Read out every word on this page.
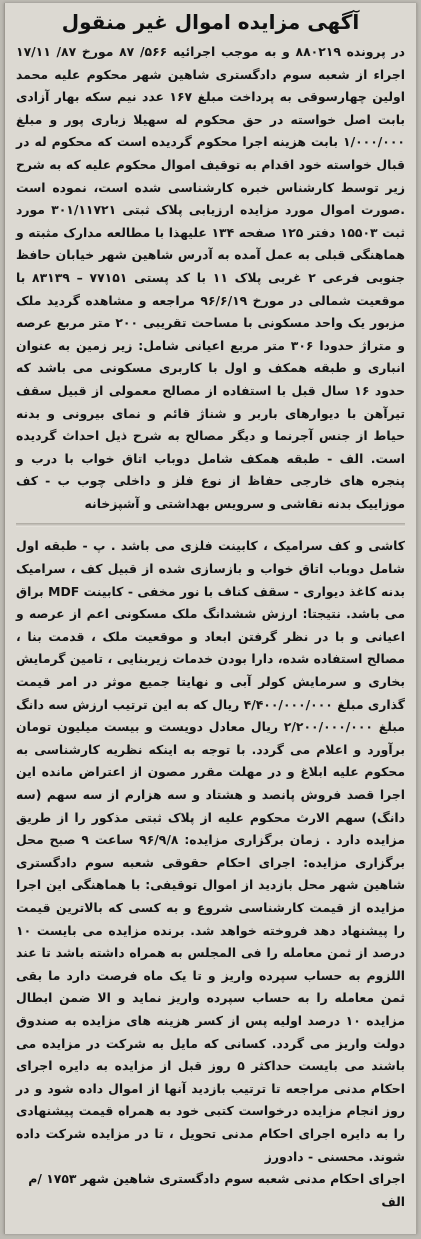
آگهی مزایده اموال غیر منقول

در پرونده ۸۸۰۲۱۹ و به موجب اجرائیه ۵۶۶/ ۸۷ مورخ ۸۷/ ۱۷/۱۱ اجراء از شعبه سوم دادگستری شاهین شهر محکوم علیه محمد اولین چهارسوقی به پرداخت مبلغ ۱۶۷ عدد نیم سکه بهار آزادی بابت اصل خواسته در حق محکوم له سهیلا زباری پور و مبلغ ۱/۰۰۰/۰۰۰ بابت هزینه اجرا محکوم گردیده است که محکوم له در قبال خواسته خود اقدام به توقیف اموال محکوم علیه که به شرح زیر توسط کارشناس خبره کارشناسی شده است، نموده است .صورت اموال مورد مزایده ارزیابی پلاک ثبتی ۳۰۱/۱۱۷۲۱ مورد ثبت ۱۵۵۰۳ دفتر ۱۲۵ صفحه ۱۳۴ علیهذا با مطالعه مدارک مثبته و هماهنگی قبلی به عمل آمده به آدرس شاهین شهر خیابان حافظ جنوبی فرعی ۲ غربی پلاک ۱۱ با کد پستی ۷۷۱۵۱ – ۸۳۱۳۹ با موقعیت شمالی در مورخ ۹۶/۶/۱۹ مراجعه و مشاهده گردید ملک مزبور یک واحد مسکونی با مساحت تقریبی ۲۰۰ متر مربع عرصه و متراژ حدودا ۳۰۶ متر مربع اعیانی شامل: زیر زمین به عنوان انباری و طبقه همکف و اول با کاربری مسکونی می باشد که حدود ۱۶ سال قبل با استفاده از مصالح معمولی از قبیل سقف تیرآهن با دیوارهای باربر و شناژ قائم و نمای بیرونی و بدنه حیاط از جنس آجرنما و دیگر مصالح به شرح ذیل احداث گردیده است. الف - طبقه همکف شامل دوباب اتاق خواب با درب و پنجره های خارجی حفاظ از نوع فلز و داخلی چوب ب - کف موزاییک بدنه نقاشی و سرویس بهداشتی و آشپزخانه

کاشی و کف سرامیک ، کابینت فلزی می باشد . پ - طبقه اول شامل دوباب اتاق خواب و بازسازی شده از قبیل کف ، سرامیک بدنه کاغذ دیواری - سقف کناف با نور مخفی - کابینت MDF براق می باشد. نتیجتا: ارزش ششدانگ ملک مسکونی اعم از عرصه و اعیانی و با در نظر گرفتن ابعاد و موقعیت ملک ، قدمت بنا ، مصالح استفاده شده، دارا بودن خدمات زیربنایی ، تامین گرمایش بخاری و سرمایش کولر آبی و نهایتا جمیع موثر در امر قیمت گذاری مبلغ ۴/۴۰۰/۰۰۰/۰۰۰ ریال که به این ترتیب ارزش سه دانگ مبلغ ۲/۲۰۰/۰۰۰/۰۰۰ ریال معادل دویست و بیست میلیون تومان برآورد و اعلام می گردد. با توجه به اینکه نظریه کارشناسی به محکوم علیه ابلاغ و در مهلت مقرر مصون از اعتراض مانده این اجرا قصد فروش پانصد و هشتاد و سه هزارم از سه سهم (سه دانگ) سهم الارث محکوم علیه از پلاک ثبتی مذکور را از طریق مزایده دارد . زمان برگزاری مزایده: ۹۶/۹/۸ ساعت ۹ صبح محل برگزاری مزایده: اجرای احکام حقوقی شعبه سوم دادگستری شاهین شهر محل بازدید از اموال توقیفی: با هماهنگی این اجرا مزایده از قیمت کارشناسی شروع و به کسی که بالاترین قیمت را پیشنهاد دهد فروخته خواهد شد. برنده مزایده می بایست ۱۰ درصد از ثمن معامله را فی المجلس به همراه داشته باشد تا عند اللزوم به حساب سپرده واریز و تا یک ماه فرصت دارد ما بقی ثمن معامله را به حساب سپرده واریز نماید و الا ضمن ابطال مزایده ۱۰ درصد اولیه پس از کسر هزینه های مزایده به صندوق دولت واریز می گردد. کسانی که مایل به شرکت در مزایده می باشند می بایست حداکثر ۵ روز قبل از مزایده به دایره اجرای احکام مدنی مراجعه تا ترتیب بازدید آنها از اموال داده شود و در روز انجام مزایده درخواست کتبی خود به همراه قیمت پیشنهادی را به دایره اجرای احکام مدنی تحویل ، تا در مزایده شرکت داده شوند. محسنی - دادورز

اجرای احکام مدنی شعبه سوم دادگستری شاهین شهر ۱۷۵۳ /م الف
